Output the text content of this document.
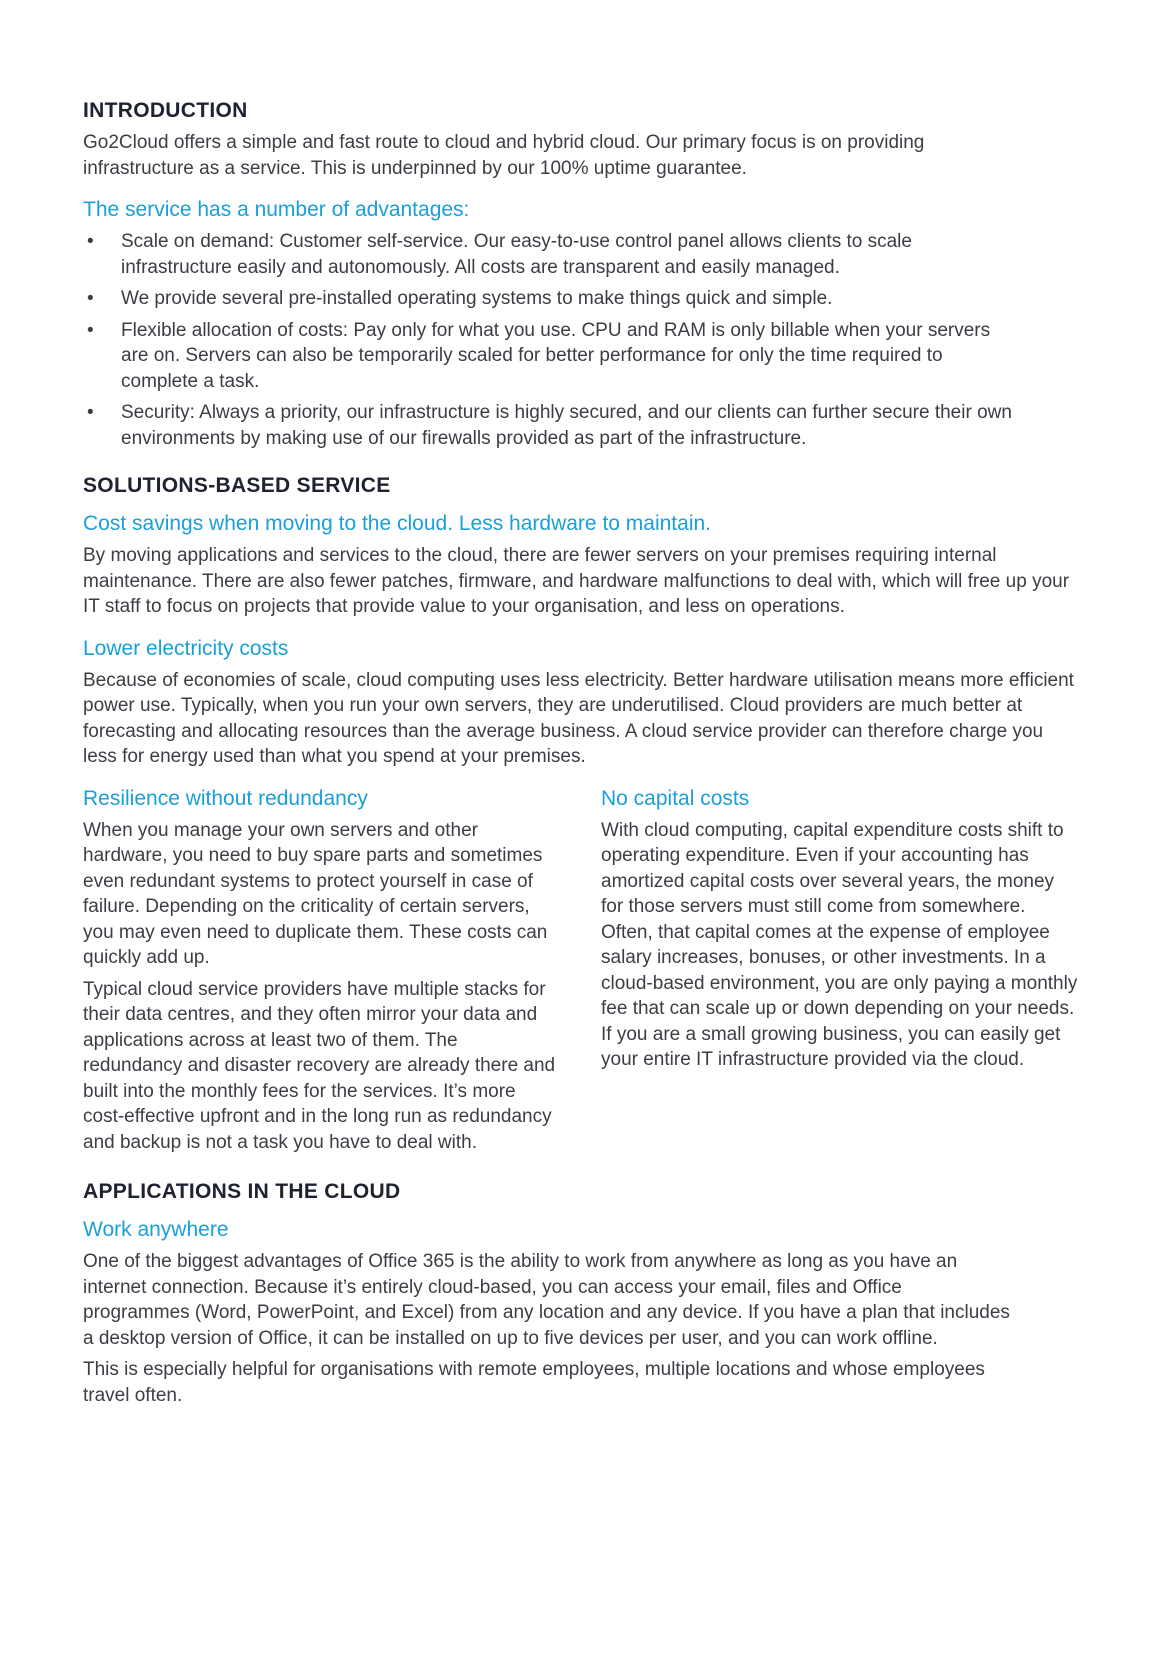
INTRODUCTION

Go2Cloud offers a simple and fast route to cloud and hybrid cloud. Our primary focus is on providing infrastructure as a service. This is underpinned by our 100% uptime guarantee.

The service has a number of advantages:
• Scale on demand: Customer self-service. Our easy-to-use control panel allows clients to scale infrastructure easily and autonomously. All costs are transparent and easily managed.
• We provide several pre-installed operating systems to make things quick and simple.
• Flexible allocation of costs: Pay only for what you use. CPU and RAM is only billable when your servers are on. Servers can also be temporarily scaled for better performance for only the time required to complete a task.
• Security: Always a priority, our infrastructure is highly secured, and our clients can further secure their own environments by making use of our firewalls provided as part of the infrastructure.
SOLUTIONS-BASED SERVICE
Cost savings when moving to the cloud. Less hardware to maintain.

By moving applications and services to the cloud, there are fewer servers on your premises requiring internal maintenance. There are also fewer patches, firmware, and hardware malfunctions to deal with, which will free up your IT staff to focus on projects that provide value to your organisation, and less on operations.

Lower electricity costs

Because of economies of scale, cloud computing uses less electricity. Better hardware utilisation means more efficient power use. Typically, when you run your own servers, they are underutilised. Cloud providers are much better at forecasting and allocating resources than the average business. A cloud service provider can therefore charge you less for energy used than what you spend at your premises.

Resilience without redundancy

When you manage your own servers and other hardware, you need to buy spare parts and sometimes even redundant systems to protect yourself in case of failure. Depending on the criticality of certain servers, you may even need to duplicate them. These costs can quickly add up.

Typical cloud service providers have multiple stacks for their data centres, and they often mirror your data and applications across at least two of them. The redundancy and disaster recovery are already there and built into the monthly fees for the services. It’s more cost-effective upfront and in the long run as redundancy and backup is not a task you have to deal with.

No capital costs

With cloud computing, capital expenditure costs shift to operating expenditure. Even if your accounting has amortized capital costs over several years, the money for those servers must still come from somewhere. Often, that capital comes at the expense of employee salary increases, bonuses, or other investments. In a cloud-based environment, you are only paying a monthly fee that can scale up or down depending on your needs. If you are a small growing business, you can easily get your entire IT infrastructure provided via the cloud.

APPLICATIONS IN THE CLOUD
Work anywhere

One of the biggest advantages of Office 365 is the ability to work from anywhere as long as you have an internet connection. Because it’s entirely cloud-based, you can access your email, files and Office programmes (Word, PowerPoint, and Excel) from any location and any device. If you have a plan that includes a desktop version of Office, it can be installed on up to five devices per user, and you can work offline.

This is especially helpful for organisations with remote employees, multiple locations and whose employees travel often.
